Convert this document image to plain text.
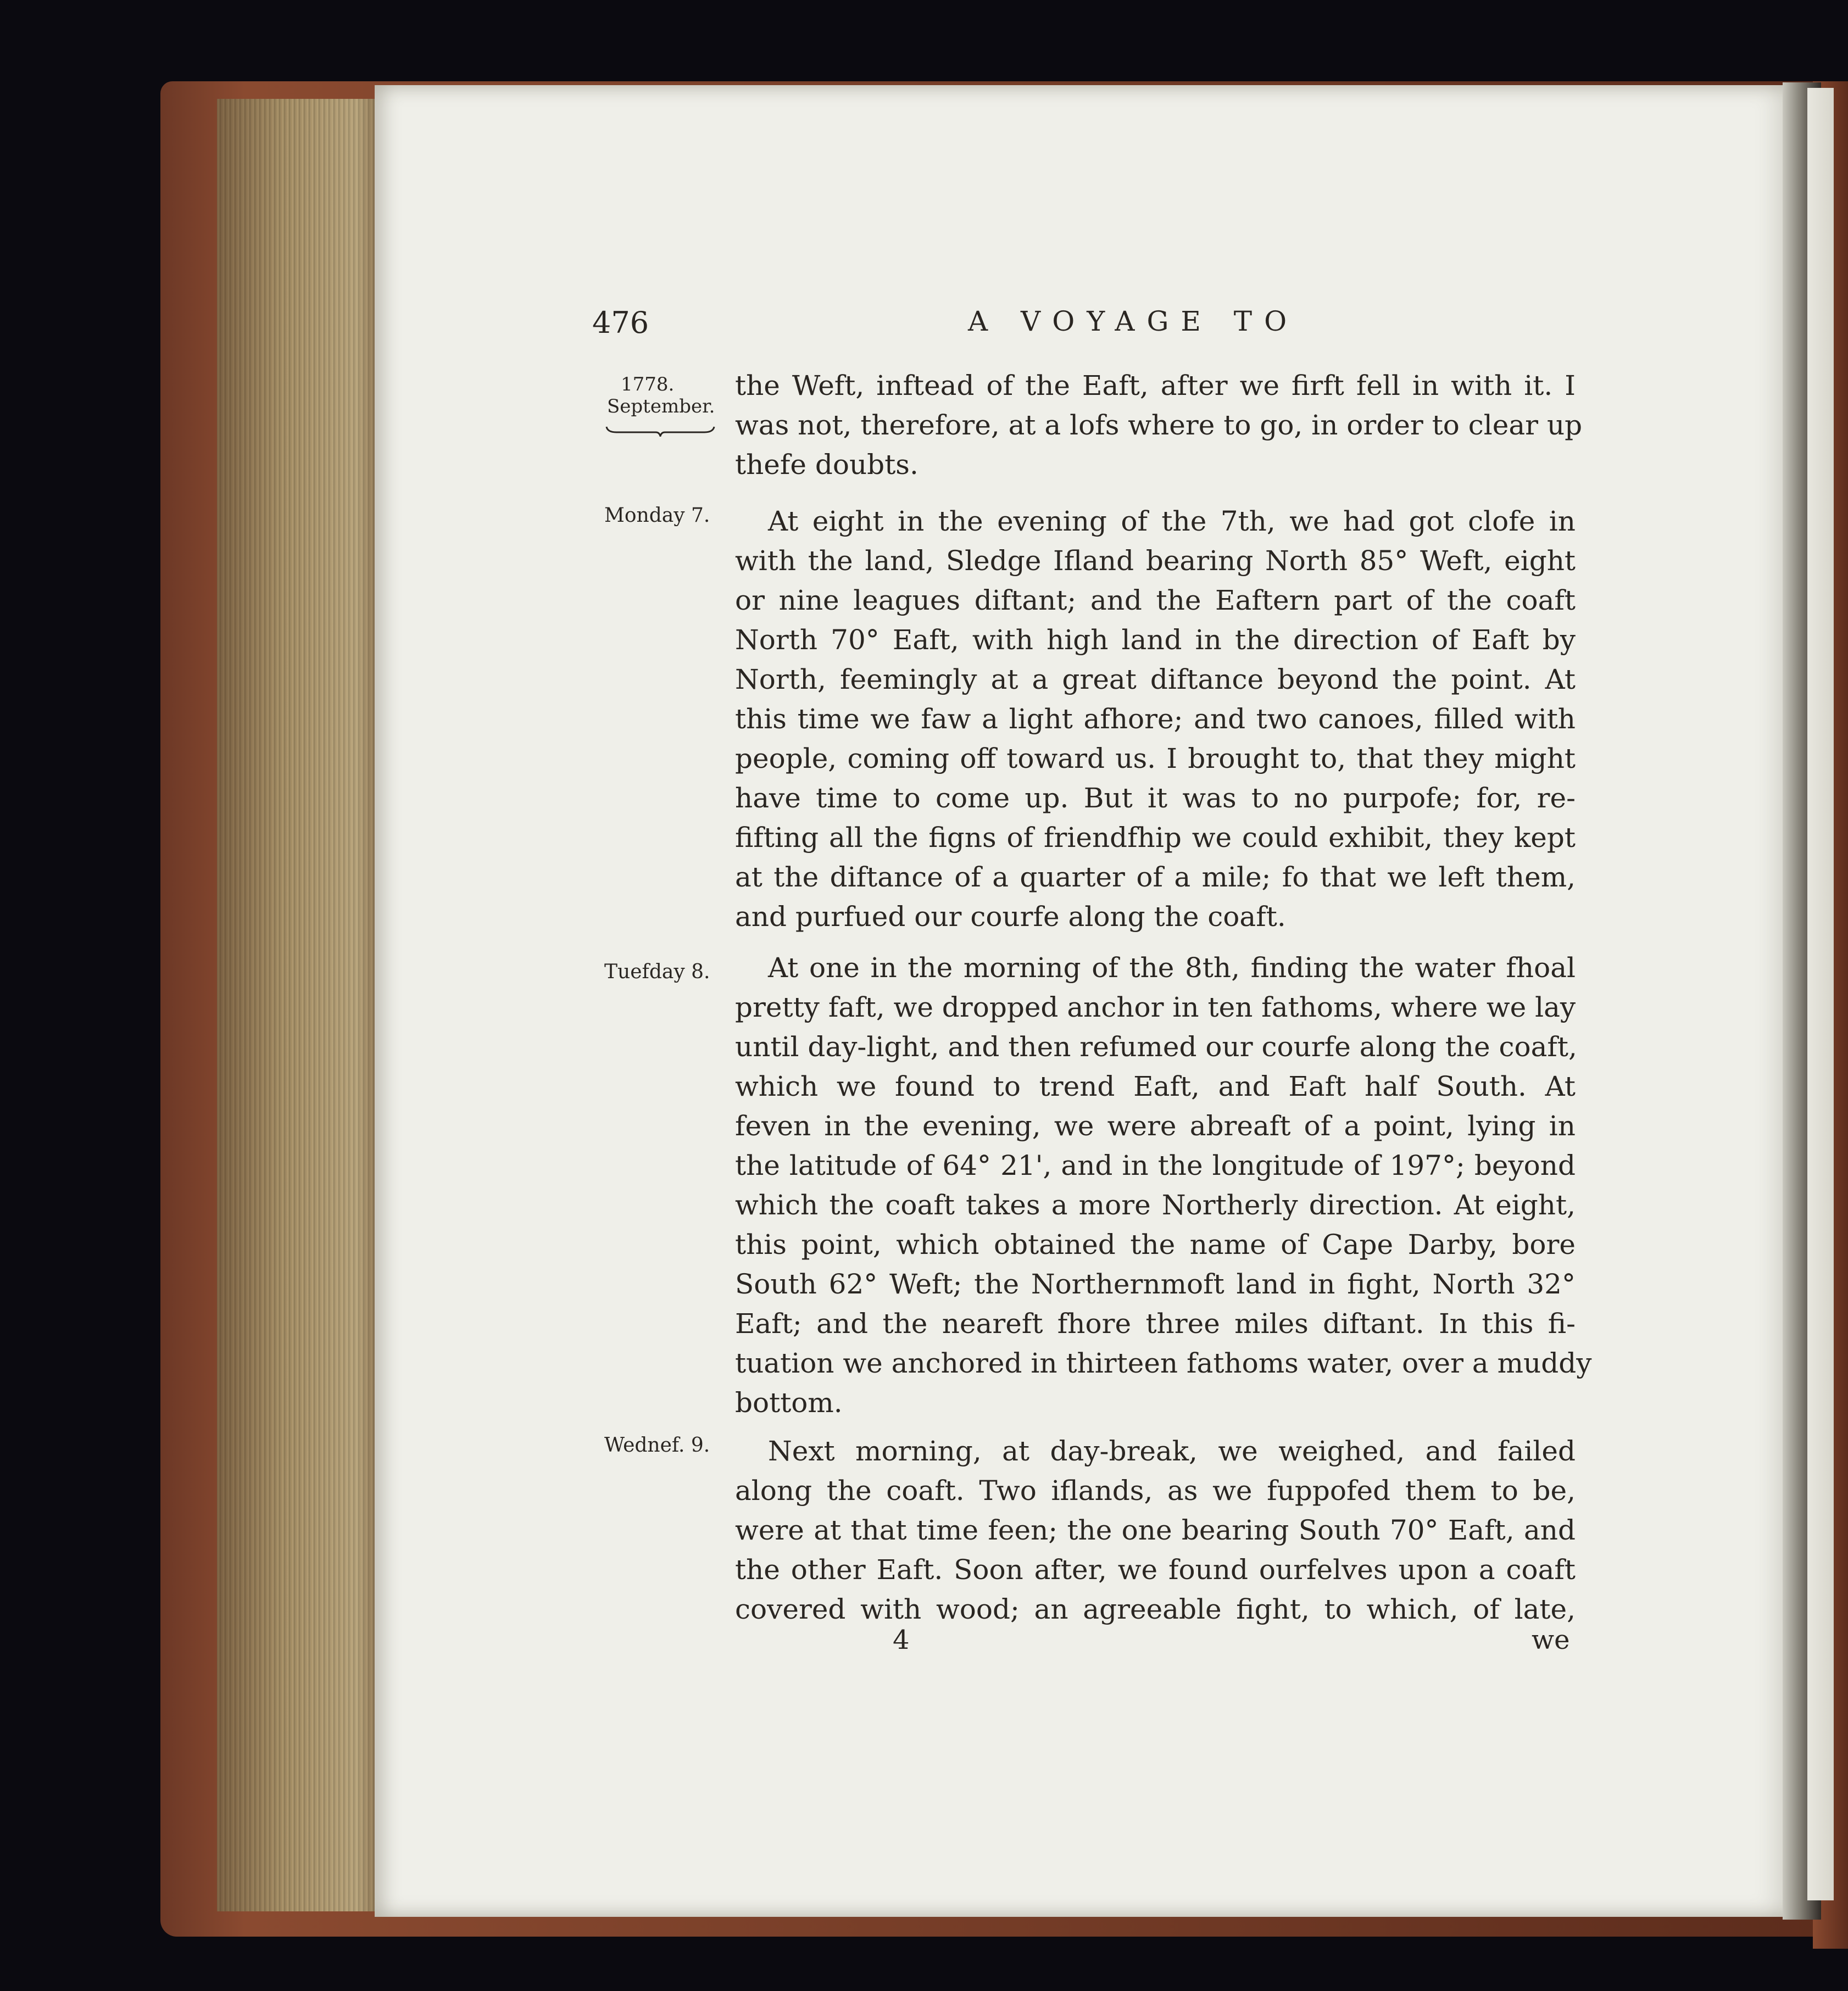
476	A VOYAGE TO
1778.
September.
Monday 7.
Tuefday 8.
Wednef. 9.
the Weft, inftead of the Eaft, after we firft fell in with it. I
was not, therefore, at a lofs where to go, in order to clear up
thefe doubts.
At eight in the evening of the 7th, we had got clofe in
with the land, Sledge Ifland bearing North 85° Weft, eight
or nine leagues diftant; and the Eaftern part of the coaft
North 70° Eaft, with high land in the direction of Eaft by
North, feemingly at a great diftance beyond the point. At
this time we faw a light afhore; and two canoes, filled with
people, coming off toward us. I brought to, that they might
have time to come up. But it was to no purpofe; for, re-
fifting all the figns of friendfhip we could exhibit, they kept
at the diftance of a quarter of a mile; fo that we left them,
and purfued our courfe along the coaft.
At one in the morning of the 8th, finding the water fhoal
pretty faft, we dropped anchor in ten fathoms, where we lay
until day-light, and then refumed our courfe along the coaft,
which we found to trend Eaft, and Eaft half South. At
feven in the evening, we were abreaft of a point, lying in
the latitude of 64° 21', and in the longitude of 197°; beyond
which the coaft takes a more Northerly direction. At eight,
this point, which obtained the name of Cape Darby, bore
South 62° Weft; the Northernmoft land in fight, North 32°
Eaft; and the neareft fhore three miles diftant. In this fi-
tuation we anchored in thirteen fathoms water, over a muddy
bottom.
Next morning, at day-break, we weighed, and failed
along the coaft. Two iflands, as we fuppofed them to be,
were at that time feen; the one bearing South 70° Eaft, and
the other Eaft. Soon after, we found ourfelves upon a coaft
covered with wood; an agreeable fight, to which, of late,
4	we
